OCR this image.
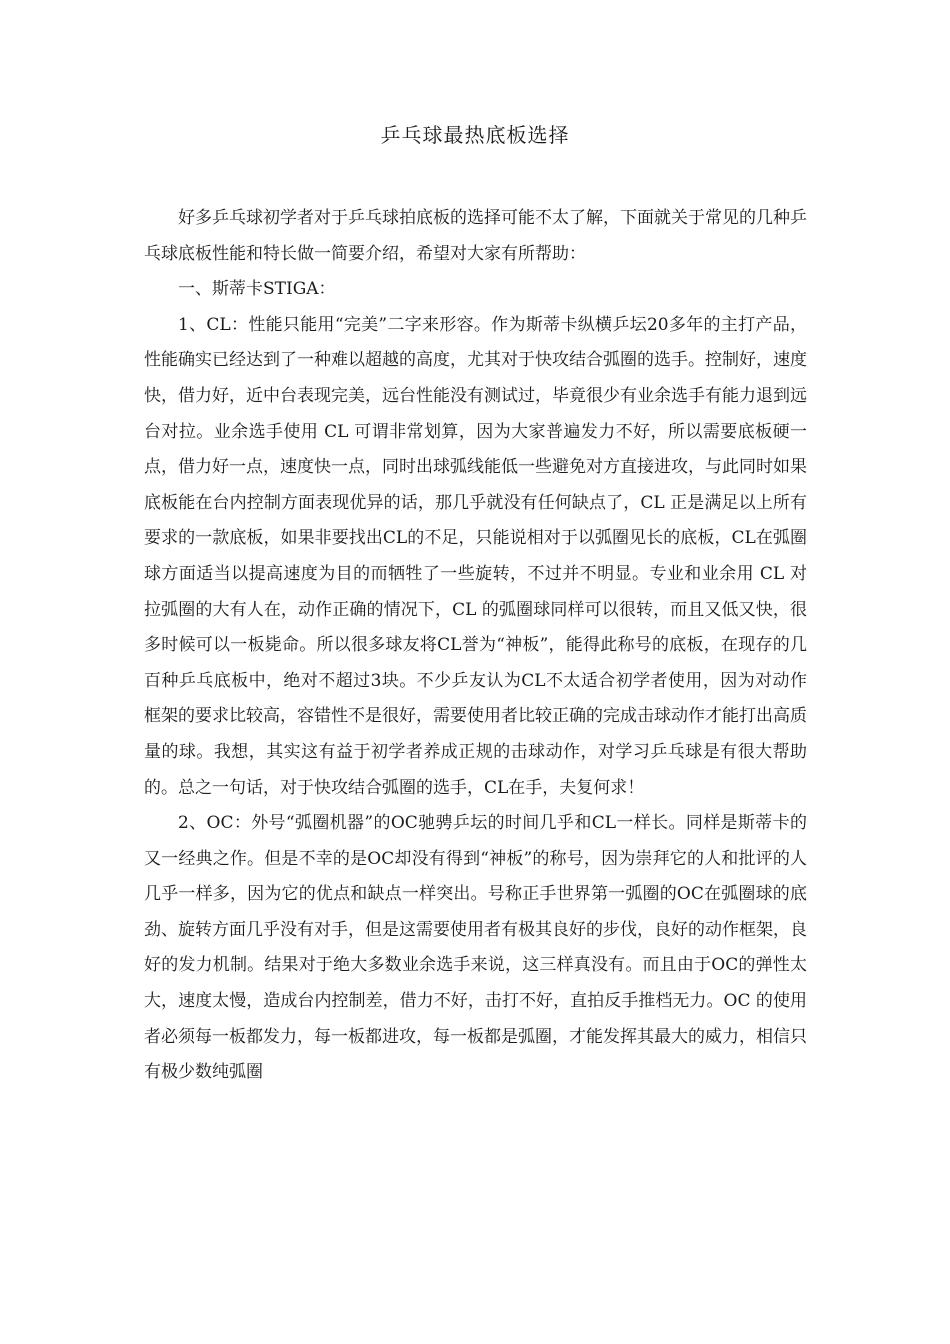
乒乓球最热底板选择

好多乒乓球初学者对于乒乓球拍底板的选择可能不太了解，下面就关于常见的几种乒乓球底板性能和特长做一简要介绍，希望对大家有所帮助：

一、斯蒂卡STIGA：

1、CL：性能只能用“完美”二字来形容。作为斯蒂卡纵横乒坛20多年的主打产品，性能确实已经达到了一种难以超越的高度，尤其对于快攻结合弧圈的选手。控制好，速度快，借力好，近中台表现完美，远台性能没有测试过，毕竟很少有业余选手有能力退到远台对拉。业余选手使用 CL 可谓非常划算，因为大家普遍发力不好，所以需要底板硬一点，借力好一点，速度快一点，同时出球弧线能低一些避免对方直接进攻，与此同时如果底板能在台内控制方面表现优异的话，那几乎就没有任何缺点了，CL 正是满足以上所有要求的一款底板，如果非要找出CL的不足，只能说相对于以弧圈见长的底板，CL在弧圈球方面适当以提高速度为目的而牺牲了一些旋转，不过并不明显。专业和业余用 CL 对拉弧圈的大有人在，动作正确的情况下，CL 的弧圈球同样可以很转，而且又低又快，很多时候可以一板毙命。所以很多球友将CL誉为“神板”，能得此称号的底板，在现存的几百种乒乓底板中，绝对不超过3块。不少乒友认为CL不太适合初学者使用，因为对动作框架的要求比较高，容错性不是很好，需要使用者比较正确的完成击球动作才能打出高质量的球。我想，其实这有益于初学者养成正规的击球动作，对学习乒乓球是有很大帮助的。总之一句话，对于快攻结合弧圈的选手，CL在手，夫复何求！

2、OC：外号“弧圈机器”的OC驰骋乒坛的时间几乎和CL一样长。同样是斯蒂卡的又一经典之作。但是不幸的是OC却没有得到“神板”的称号，因为崇拜它的人和批评的人几乎一样多，因为它的优点和缺点一样突出。号称正手世界第一弧圈的OC在弧圈球的底劲、旋转方面几乎没有对手，但是这需要使用者有极其良好的步伐，良好的动作框架，良好的发力机制。结果对于绝大多数业余选手来说，这三样真没有。而且由于OC的弹性太大，速度太慢，造成台内控制差，借力不好，击打不好，直拍反手推档无力。OC 的使用者必须每一板都发力，每一板都进攻，每一板都是弧圈，才能发挥其最大的威力，相信只有极少数纯弧圈
